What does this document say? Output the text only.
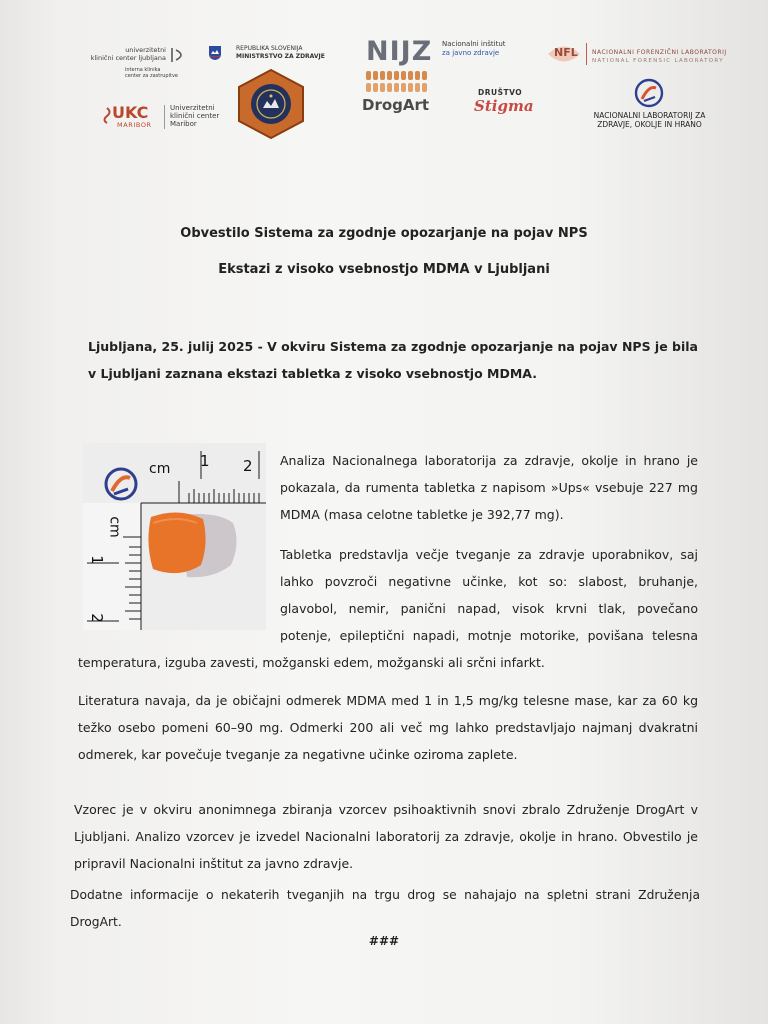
univerzitetni
klinični center ljubljana
interna klinika
center za zastrupitve
REPUBLIKA SLOVENIJA
MINISTRSTVO ZA ZDRAVJE NIJZ Nacionalni inštitut
za javno zdravje	NFL NACIONALNI FORENZIČNI LABORATORIJ
NATIONAL FORENSIC LABORATORY
DrogArt
UKC
MARIBOR
Univerzitetni
klinični center
Maribor
DRUŠTVO
Stigma
NACIONALNI LABORATORIJ ZA
ZDRAVJE, OKOLJE IN HRANO
Obvestilo Sistema za zgodnje opozarjanje na pojav NPS
Ekstazi z visoko vsebnostjo MDMA v Ljubljani
Ljubljana, 25. julij 2025 - V okviru Sistema za zgodnje opozarjanje na pojav NPS je bila v Ljubljani zaznana ekstazi tabletka z visoko vsebnostjo MDMA.
cm 1 2
cm
1
2
Analiza Nacionalnega laboratorija za zdravje, okolje in hrano je pokazala, da rumenta tabletka z napisom »Ups« vsebuje 227 mg MDMA (masa celotne tabletke je 392,77 mg).
Tabletka predstavlja večje tveganje za zdravje uporabnikov, saj lahko povzroči negativne učinke, kot so: slabost, bruhanje, glavobol, nemir, panični napad, visok krvni tlak, povečano potenje, epileptični napadi, motnje motorike, povišana telesna temperatura, izguba zavesti, možganski edem, možganski ali srčni infarkt.
Literatura navaja, da je običajni odmerek MDMA med 1 in 1,5 mg/kg telesne mase, kar za 60 kg težko osebo pomeni 60–90 mg. Odmerki 200 ali več mg lahko predstavljajo najmanj dvakratni odmerek, kar povečuje tveganje za negativne učinke oziroma zaplete.
Vzorec je v okviru anonimnega zbiranja vzorcev psihoaktivnih snovi zbralo Združenje DrogArt v Ljubljani. Analizo vzorcev je izvedel Nacionalni laboratorij za zdravje, okolje in hrano. Obvestilo je pripravil Nacionalni inštitut za javno zdravje.
Dodatne informacije o nekaterih tveganjih na trgu drog se nahajajo na spletni strani Združenja DrogArt.
###
